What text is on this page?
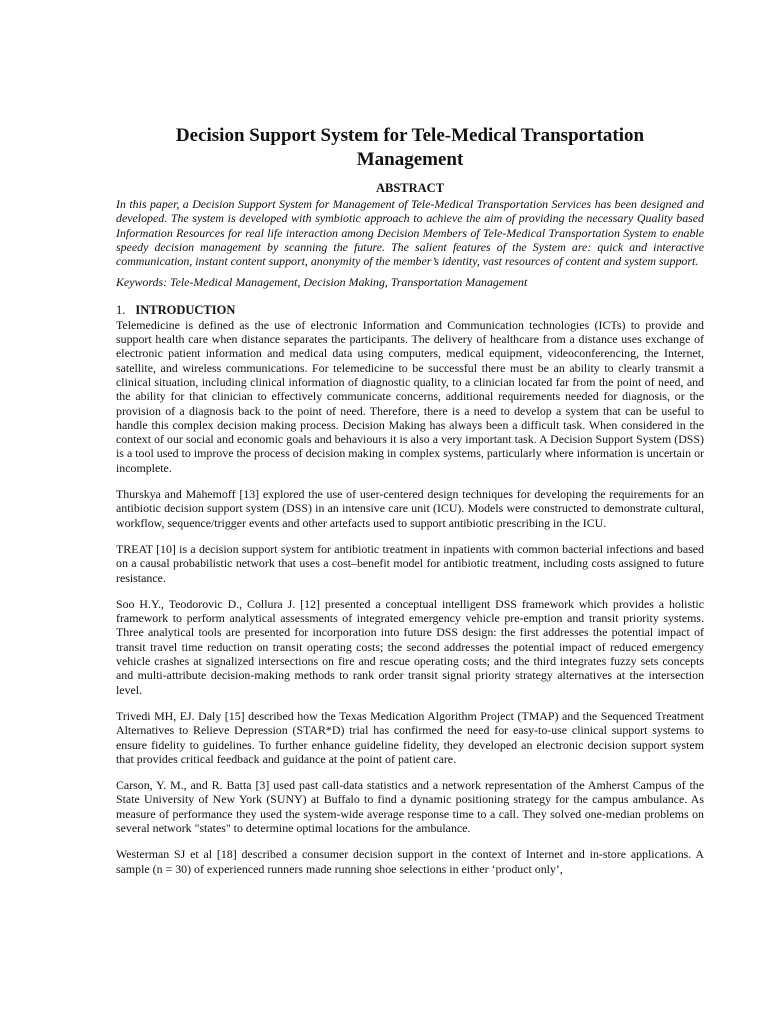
Decision Support System for Tele-Medical Transportation Management
ABSTRACT

In this paper, a Decision Support System for Management of Tele-Medical Transportation Services has been designed and developed. The system is developed with symbiotic approach to achieve the aim of providing the necessary Quality based Information Resources for real life interaction among Decision Members of Tele-Medical Transportation System to enable speedy decision management by scanning the future. The salient features of the System are: quick and interactive communication, instant content support, anonymity of the member’s identity, vast resources of content and system support.

Keywords: Tele-Medical Management, Decision Making, Transportation Management

1. INTRODUCTION

Telemedicine is defined as the use of electronic Information and Communication technologies (ICTs) to provide and support health care when distance separates the participants. The delivery of healthcare from a distance uses exchange of electronic patient information and medical data using computers, medical equipment, videoconferencing, the Internet, satellite, and wireless communications. For telemedicine to be successful there must be an ability to clearly transmit a clinical situation, including clinical information of diagnostic quality, to a clinician located far from the point of need, and the ability for that clinician to effectively communicate concerns, additional requirements needed for diagnosis, or the provision of a diagnosis back to the point of need. Therefore, there is a need to develop a system that can be useful to handle this complex decision making process. Decision Making has always been a difficult task. When considered in the context of our social and economic goals and behaviours it is also a very important task. A Decision Support System (DSS) is a tool used to improve the process of decision making in complex systems, particularly where information is uncertain or incomplete.

Thurskya and Mahemoff [13] explored the use of user-centered design techniques for developing the requirements for an antibiotic decision support system (DSS) in an intensive care unit (ICU). Models were constructed to demonstrate cultural, workflow, sequence/trigger events and other artefacts used to support antibiotic prescribing in the ICU.

TREAT [10] is a decision support system for antibiotic treatment in inpatients with common bacterial infections and based on a causal probabilistic network that uses a cost–benefit model for antibiotic treatment, including costs assigned to future resistance.

Soo H.Y., Teodorovic D., Collura J. [12] presented a conceptual intelligent DSS framework which provides a holistic framework to perform analytical assessments of integrated emergency vehicle pre-emption and transit priority systems. Three analytical tools are presented for incorporation into future DSS design: the first addresses the potential impact of transit travel time reduction on transit operating costs; the second addresses the potential impact of reduced emergency vehicle crashes at signalized intersections on fire and rescue operating costs; and the third integrates fuzzy sets concepts and multi-attribute decision-making methods to rank order transit signal priority strategy alternatives at the intersection level.

Trivedi MH, EJ. Daly [15] described how the Texas Medication Algorithm Project (TMAP) and the Sequenced Treatment Alternatives to Relieve Depression (STAR*D) trial has confirmed the need for easy-to-use clinical support systems to ensure fidelity to guidelines. To further enhance guideline fidelity, they developed an electronic decision support system that provides critical feedback and guidance at the point of patient care.

Carson, Y. M., and R. Batta [3] used past call-data statistics and a network representation of the Amherst Campus of the State University of New York (SUNY) at Buffalo to find a dynamic positioning strategy for the campus ambulance. As measure of performance they used the system-wide average response time to a call. They solved one-median problems on several network "states" to determine optimal locations for the ambulance.

Westerman SJ et al [18] described a consumer decision support in the context of Internet and in-store applications. A sample (n = 30) of experienced runners made running shoe selections in either ‘product only’,
